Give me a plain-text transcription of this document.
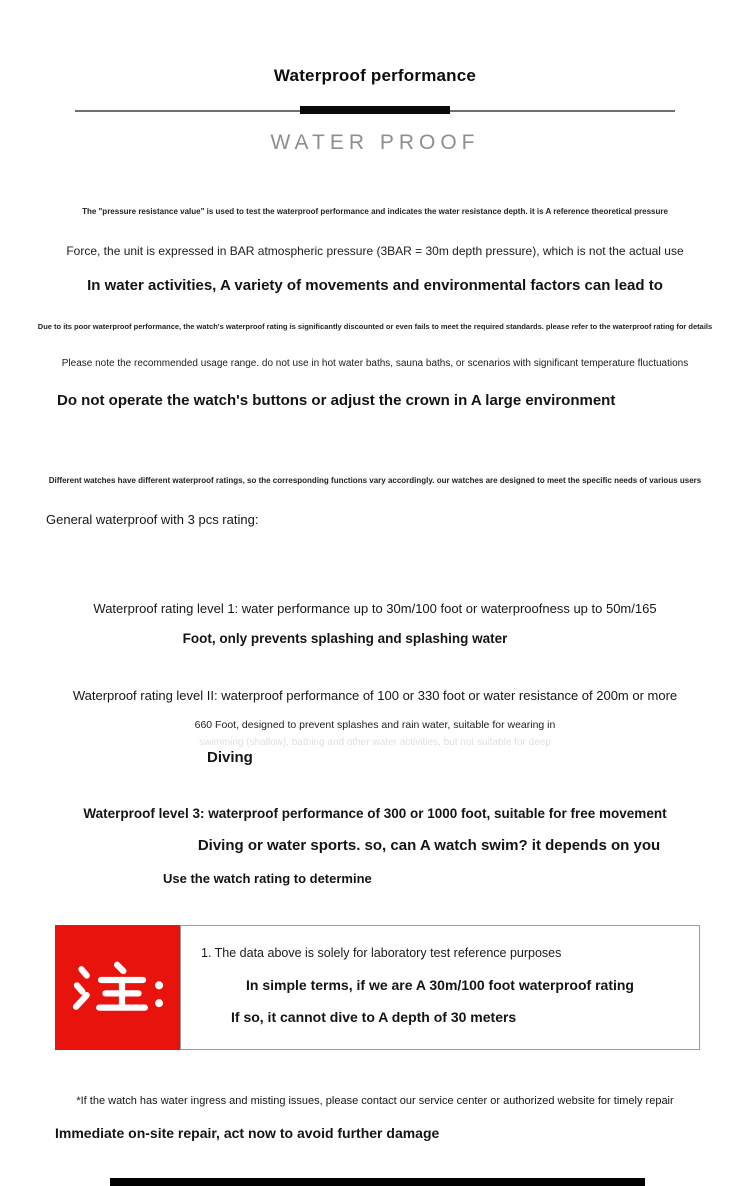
Waterproof performance
WATER PROOF

The "pressure resistance value" is used to test the waterproof performance and indicates the water resistance depth. it is A reference theoretical pressure

Force, the unit is expressed in BAR atmospheric pressure (3BAR = 30m depth pressure), which is not the actual use

In water activities, A variety of movements and environmental factors can lead to

Due to its poor waterproof performance, the watch's waterproof rating is significantly discounted or even fails to meet the required standards. please refer to the waterproof rating for details

Please note the recommended usage range. do not use in hot water baths, sauna baths, or scenarios with significant temperature fluctuations

Do not operate the watch's buttons or adjust the crown in A large environment

Different watches have different waterproof ratings, so the corresponding functions vary accordingly. our watches are designed to meet the specific needs of various users

General waterproof with 3 pcs rating:

Waterproof rating level 1: water performance up to 30m/100 foot or waterproofness up to 50m/165

Foot, only prevents splashing and splashing water

Waterproof rating level II: waterproof performance of 100 or 330 foot or water resistance of 200m or more

660 Foot, designed to prevent splashes and rain water, suitable for wearing in

swimming (shallow), bathing and other water activities, but not suitable for deep

Diving

Waterproof level 3: waterproof performance of 300 or 1000 foot, suitable for free movement

Diving or water sports. so, can A watch swim? it depends on you

Use the watch rating to determine

1. The data above is solely for laboratory test reference purposes

In simple terms, if we are A 30m/100 foot waterproof rating

If so, it cannot dive to A depth of 30 meters

*If the watch has water ingress and misting issues, please contact our service center or authorized website for timely repair

Immediate on-site repair, act now to avoid further damage
